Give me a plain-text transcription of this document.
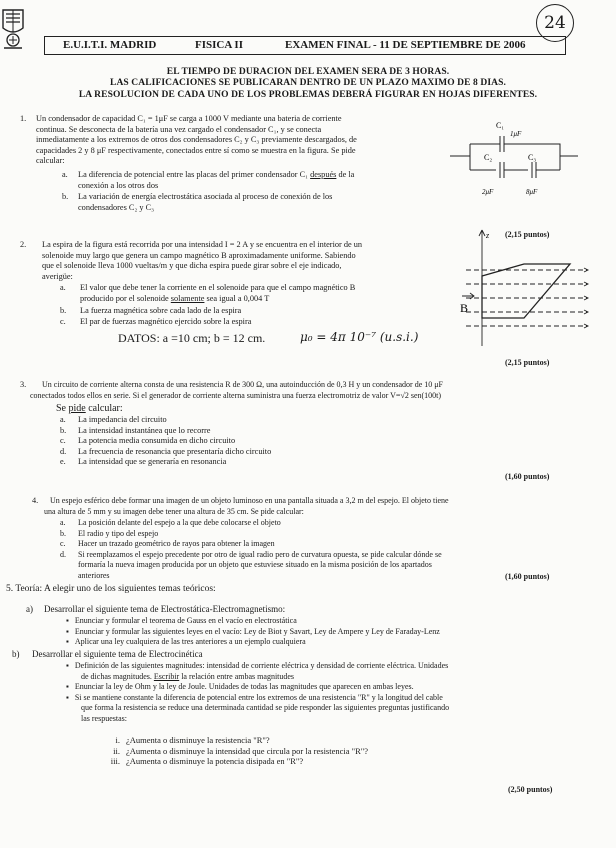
24
E.U.I.T.I. MADRID	FISICA II	EXAMEN FINAL - 11 DE SEPTIEMBRE DE 2006
EL TIEMPO DE DURACION DEL EXAMEN SERA DE 3 HORAS.
LAS CALIFICACIONES SE PUBLICARAN DENTRO DE UN PLAZO MAXIMO DE 8 DIAS.
LA RESOLUCION DE CADA UNO DE LOS PROBLEMAS DEBERÁ FIGURAR EN HOJAS DIFERENTES.
1. Un condensador de capacidad C₁ = 1μF se carga a 1000 V mediante una bateria de corriente
continua. Se desconecta de la batería una vez cargado el condensador C₁, y se conecta
inmediatamente a los extremos de otros dos condensadores C₂ y C₃ previamente descargados, de
capacidades 2 y 8 μF respectivamente, conectados entre sí como se muestra en la figura. Se pide
calcular:
a. La diferencia de potencial entre las placas del primer condensador C₁ después de la
conexión a los otros dos
b. La variación de energía electrostática asociada al proceso de conexión de los
condensadores C₂ y C₃
C₁
1μF
C₂	C₃
2μF	8μF
(2,15 puntos)
2. La espira de la figura está recorrida por una intensidad I = 2 A y se encuentra en el interior de un
solenoide muy largo que genera un campo magnético B aproximadamente uniforme. Sabiendo
que el solenoide lleva 1000 vueltas/m y que dicha espira puede girar sobre el eje indicado,
averigüe:
a. El valor que debe tener la corriente en el solenoide para que el campo magnético B
producido por el solenoide solamente sea igual a 0,004 T
b. La fuerza magnética sobre cada lado de la espira
c. El par de fuerzas magnético ejercido sobre la espira
DATOS: a =10 cm; b = 12 cm.	μ₀ = 4π 10⁻⁷ (u.s.i.)
(2,15 puntos)
z
B
3. Un circuito de corriente alterna consta de una resistencia R de 300 Ω, una autoinducción de 0,3 H y un condensador de 10 μF
conectados todos ellos en serie. Si el generador de corriente alterna suministra una fuerza electromotriz de valor V=√2 sen(100t)
Se pide calcular:
a. La impedancia del circuito
b. La intensidad instantánea que lo recorre
c. La potencia media consumida en dicho circuito
d. La frecuencia de resonancia que presentaría dicho circuito
e. La intensidad que se generaría en resonancia
(1,60 puntos)
4. Un espejo esférico debe formar una imagen de un objeto luminoso en una pantalla situada a 3,2 m del espejo. El objeto tiene
una altura de 5 mm y su imagen debe tener una altura de 35 cm. Se pide calcular:
a. La posición delante del espejo a la que debe colocarse el objeto
b. El radio y tipo del espejo
c. Hacer un trazado geométrico de rayos para obtener la imagen
d. Si reemplazamos el espejo precedente por otro de igual radio pero de curvatura opuesta, se pide calcular dónde se
formaría la nueva imagen producida por un objeto que estuviese situado en la misma posición de los apartados
anteriores	(1,60 puntos)
5. Teoría: A elegir uno de los siguientes temas teóricos:
a) Desarrollar el siguiente tema de Electrostática-Electromagnetismo:
▪   Enunciar y formular el teorema de Gauss en el vacío en electrostática
▪   Enunciar y formular las siguientes leyes en el vacío: Ley de Biot y Savart, Ley de Ampere y Ley de Faraday-Lenz
▪   Aplicar una ley cualquiera de las tres anteriores a un ejemplo cualquiera
b) Desarrollar el siguiente tema de Electrocinética
▪   Definición de las siguientes magnitudes: intensidad de corriente eléctrica y densidad de corriente eléctrica. Unidades
de dichas magnitudes. Escribir la relación entre ambas magnitudes
▪   Enunciar la ley de Ohm y la ley de Joule. Unidades de todas las magnitudes que aparecen en ambas leyes.
▪   Si se mantiene constante la diferencia de potencial entre los extremos de una resistencia "R" y la longitud del cable
que forma la resistencia se reduce una determinada cantidad se pide responder las siguientes preguntas justificando
las respuestas:
i. ¿Aumenta o disminuye la resistencia "R"?
ii. ¿Aumenta o disminuye la intensidad que circula por la resistencia "R"?
iii. ¿Aumenta o disminuye la potencia disipada en "R"?
(2,50 puntos)
